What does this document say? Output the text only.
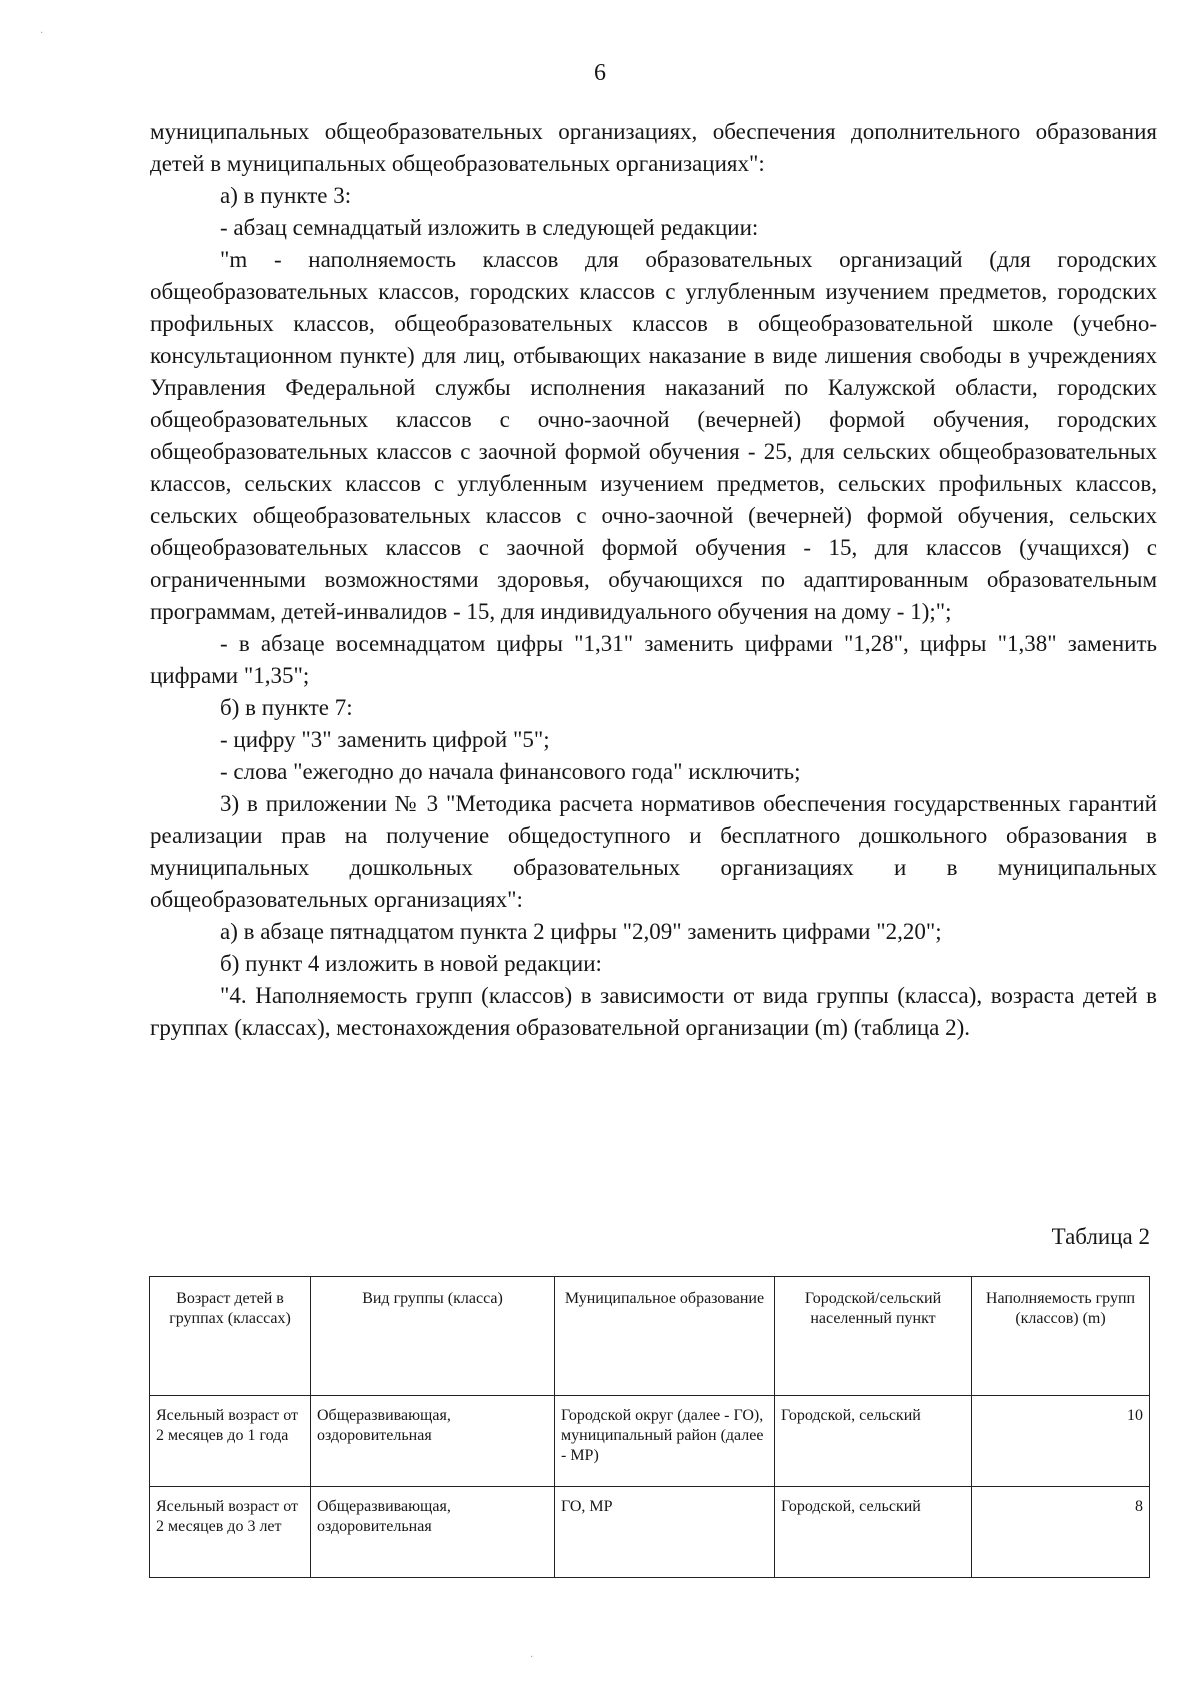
6

муниципальных общеобразовательных организациях, обеспечения дополнительного образования детей в муниципальных общеобразовательных организациях":

а) в пункте 3:

- абзац семнадцатый изложить в следующей редакции:

"m - наполняемость классов для образовательных организаций (для городских общеобразовательных классов, городских классов с углубленным изучением предметов, городских профильных классов, общеобразовательных классов в общеобразовательной школе (учебно-консультационном пункте) для лиц, отбывающих наказание в виде лишения свободы в учреждениях Управления Федеральной службы исполнения наказаний по Калужской области, городских общеобразовательных классов с очно-заочной (вечерней) формой обучения, городских общеобразовательных классов с заочной формой обучения - 25, для сельских общеобразовательных классов, сельских классов с углубленным изучением предметов, сельских профильных классов, сельских общеобразовательных классов с очно-заочной (вечерней) формой обучения, сельских общеобразовательных классов с заочной формой обучения - 15, для классов (учащихся) с ограниченными возможностями здоровья, обучающихся по адаптированным образовательным программам, детей-инвалидов - 15, для индивидуального обучения на дому - 1);";

- в абзаце восемнадцатом цифры "1,31" заменить цифрами "1,28", цифры "1,38" заменить цифрами "1,35";

б) в пункте 7:

- цифру "3" заменить цифрой "5";

- слова "ежегодно до начала финансового года" исключить;

3) в приложении № 3 "Методика расчета нормативов обеспечения государственных гарантий реализации прав на получение общедоступного и бесплатного дошкольного образования в муниципальных дошкольных образовательных организациях и в муниципальных общеобразовательных организациях":

а) в абзаце пятнадцатом пункта 2 цифры "2,09" заменить цифрами "2,20";

б) пункт 4 изложить в новой редакции:

"4. Наполняемость групп (классов) в зависимости от вида группы (класса), возраста детей в группах (классах), местонахождения образовательной организации (m) (таблица 2).

Таблица 2
Возраст детей в группах (классах)	Вид группы (класса)	Муниципальное образование	Городской/сельский населенный пункт	Наполняемость групп (классов) (m)
Ясельный возраст от 2 месяцев до 1 года	Общеразвивающая, оздоровительная	Городской округ (далее - ГО), муниципальный район (далее - МР)	Городской, сельский	10
Ясельный возраст от 2 месяцев до 3 лет	Общеразвивающая, оздоровительная	ГО, МР	Городской, сельский	8
·
·
